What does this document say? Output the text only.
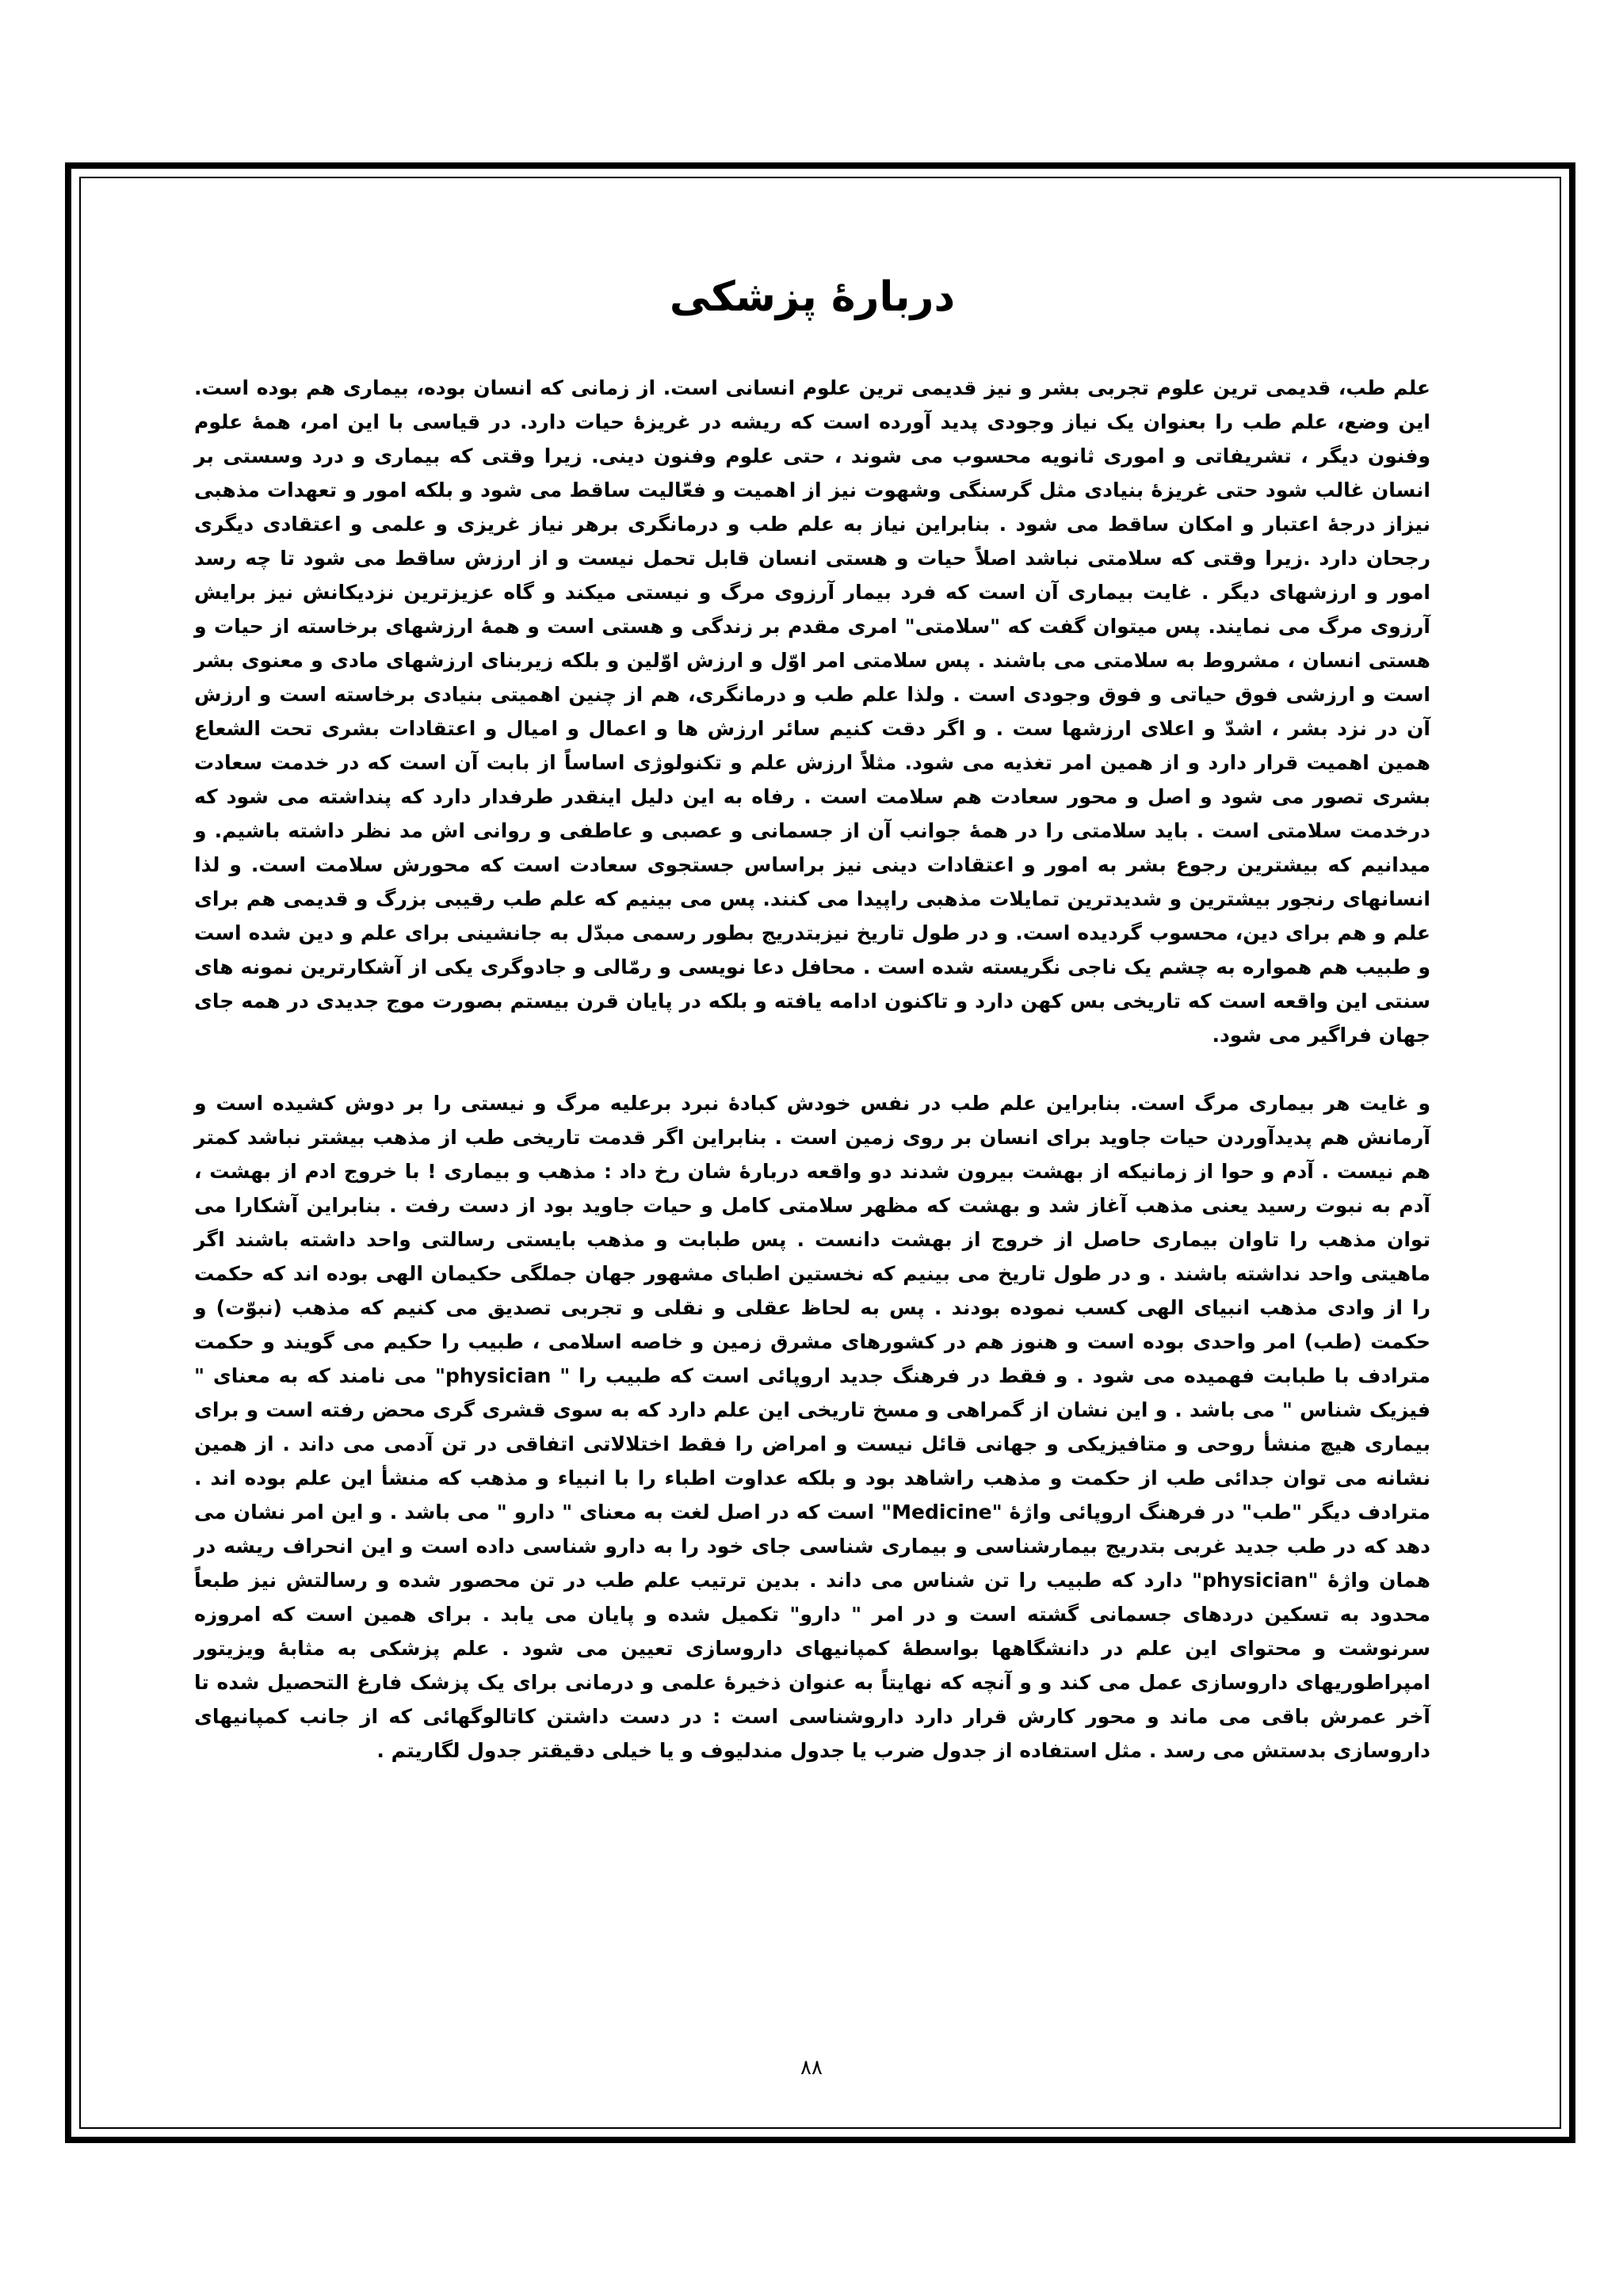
دربارهٔ پزشکی

علم طب، قدیمی ترین علوم تجربی بشر و نیز قدیمی ترین علوم انسانی است. از زمانی که انسان بوده، بیماری هم بوده است. این وضع، علم طب را بعنوان یک نیاز وجودی پدید آورده است که ریشه در غریزهٔ حیات دارد. در قیاسی با این امر، همهٔ علوم وفنون دیگر ، تشریفاتی و اموری ثانویه محسوب می شوند ، حتی علوم وفنون دینی. زیرا وقتی که بیماری و درد وسستی بر انسان غالب شود حتی غریزهٔ بنیادی مثل گرسنگی وشهوت نیز از اهمیت و فعّالیت ساقط می شود و بلکه امور و تعهدات مذهبی نیزاز درجهٔ اعتبار و امکان ساقط می شود . بنابراین نیاز به علم طب و درمانگری برهر نیاز غریزی و علمی و اعتقادی دیگری رجحان دارد .زیرا وقتی که سلامتی نباشد اصلاً حیات و هستی انسان قابل تحمل نیست و از ارزش ساقط می شود تا چه رسد امور و ارزشهای دیگر . غایت بیماری آن است که فرد بیمار آرزوی مرگ و نیستی میکند و گاه عزیزترین نزدیکانش نیز برایش آرزوی مرگ می نمایند. پس میتوان گفت که "سلامتی" امری مقدم بر زندگی و هستی است و همهٔ ارزشهای برخاسته از حیات و هستی انسان ، مشروط به سلامتی می باشند . پس سلامتی امر اوّل و ارزش اوّلین و بلکه زیربنای ارزشهای مادی و معنوی بشر است و ارزشی فوق حیاتی و فوق وجودی است . ولذا علم طب و درمانگری، هم از چنین اهمیتی بنیادی برخاسته است و ارزش آن در نزد بشر ، اشدّ و اعلای ارزشها ست . و اگر دقت کنیم سائر ارزش ها و اعمال و امیال و اعتقادات بشری تحت الشعاع همین اهمیت قرار دارد و از همین امر تغذیه می شود. مثلاً ارزش علم و تکنولوژی اساساً از بابت آن است که در خدمت سعادت بشری تصور می شود و اصل و محور سعادت هم سلامت است . رفاه به این دلیل اینقدر طرفدار دارد که پنداشته می شود که درخدمت سلامتی است . باید سلامتی را در همهٔ جوانب آن از جسمانی و عصبی و عاطفی و روانی اش مد نظر داشته باشیم. و میدانیم که بیشترین رجوع بشر به امور و اعتقادات دینی نیز براساس جستجوی سعادت است که محورش سلامت است. و لذا انسانهای رنجور بیشترین و شدیدترین تمایلات مذهبی راپیدا می کنند. پس می بینیم که علم طب رقیبی بزرگ و قدیمی هم برای علم و هم برای دین، محسوب گردیده است. و در طول تاریخ نیزبتدریج بطور رسمی مبدّل به جانشینی برای علم و دین شده است و طبیب هم همواره به چشم یک ناجی نگریسته شده است . محافل دعا نویسی و رمّالی و جادوگری یکی از آشکارترین نمونه های سنتی این واقعه است که تاریخی بس کهن دارد و تاکنون ادامه یافته و بلکه در پایان قرن بیستم بصورت موج جدیدی در همه جای جهان فراگیر می شود.

و غایت هر بیماری مرگ است. بنابراین علم طب در نفس خودش کبادهٔ نبرد برعلیه مرگ و نیستی را بر دوش کشیده است و آرمانش هم پدیدآوردن حیات جاوید برای انسان بر روی زمین است . بنابراین اگر قدمت تاریخی طب از مذهب بیشتر نباشد کمتر هم نیست . آدم و حوا از زمانیکه از بهشت بیرون شدند دو واقعه دربارهٔ شان رخ داد : مذهب و بیماری ! با خروج ادم از بهشت ، آدم به نبوت رسید یعنی مذهب آغاز شد و بهشت که مظهر سلامتی کامل و حیات جاوید بود از دست رفت . بنابراین آشکارا می توان مذهب را تاوان بیماری حاصل از خروج از بهشت دانست . پس طبابت و مذهب بایستی رسالتی واحد داشته باشند اگر ماهیتی واحد نداشته باشند . و در طول تاریخ می بینیم که نخستین اطبای مشهور جهان جملگی حکیمان الهی بوده اند که حکمت را از وادی مذهب انبیای الهی کسب نموده بودند . پس به لحاظ عقلی و نقلی و تجربی تصدیق می کنیم که مذهب (نبوّت) و حکمت (طب) امر واحدی بوده است و هنوز هم در کشورهای مشرق زمین و خاصه اسلامی ، طبیب را حکیم می گویند و حکمت مترادف با طبابت فهمیده می شود . و فقط در فرهنگ جدید اروپائی است که طبیب را " physician" می نامند که به معنای " فیزیک شناس " می باشد . و این نشان از گمراهی و مسخ تاریخی این علم دارد که به سوی قشری گری محض رفته است و برای بیماری هیچ منشأ روحی و متافیزیکی و جهانی قائل نیست و امراض را فقط اختلالاتی اتفاقی در تن آدمی می داند . از همین نشانه می توان جدائی طب از حکمت و مذهب راشاهد بود و بلکه عداوت اطباء را با انبیاء و مذهب که منشأ این علم بوده اند . مترادف دیگر "طب" در فرهنگ اروپائی واژهٔ "Medicine" است که در اصل لغت به معنای " دارو " می باشد . و این امر نشان می دهد که در طب جدید غربی بتدریج بیمارشناسی و بیماری شناسی جای خود را به دارو شناسی داده است و این انحراف ریشه در همان واژهٔ "physician" دارد که طبیب را تن شناس می داند . بدین ترتیب علم طب در تن محصور شده و رسالتش نیز طبعاً محدود به تسکین دردهای جسمانی گشته است و در امر " دارو" تکمیل شده و پایان می یابد . برای همین است که امروزه سرنوشت و محتوای این علم در دانشگاهها بواسطهٔ کمپانیهای داروسازی تعیین می شود . علم پزشکی به مثابهٔ ویزیتور امپراطوریهای داروسازی عمل می کند و و آنچه که نهایتاً به عنوان ذخیرهٔ علمی و درمانی برای یک پزشک فارغ التحصیل شده تا آخر عمرش باقی می ماند و محور کارش قرار دارد داروشناسی است : در دست داشتن کاتالوگهائی که از جانب کمپانیهای داروسازی بدستش می رسد . مثل استفاده از جدول ضرب یا جدول مندلیوف و یا خیلی دقیقتر جدول لگاریتم .

۸۸
